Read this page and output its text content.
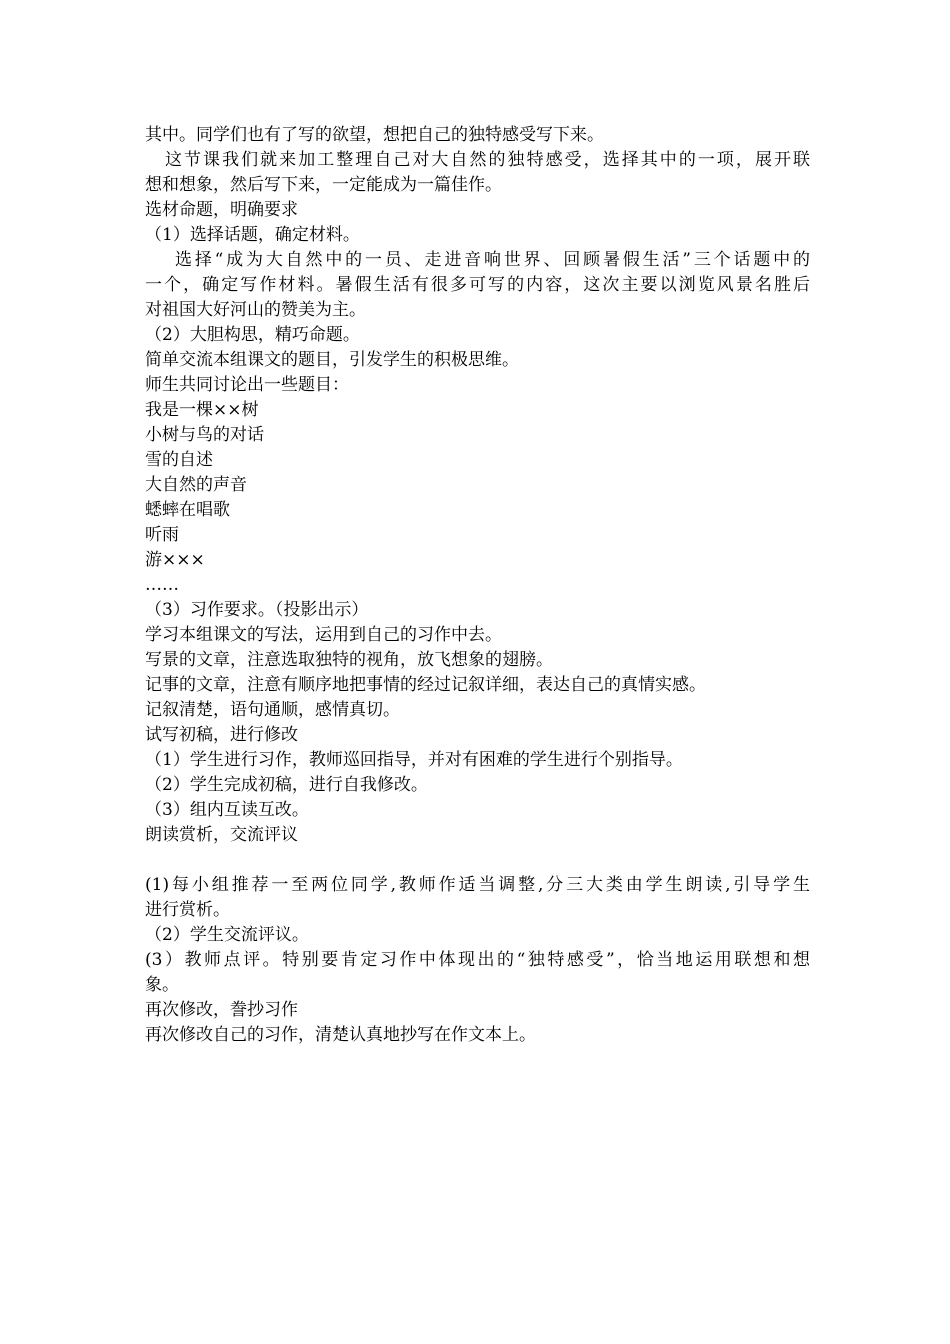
其中。同学们也有了写的欲望，想把自己的独特感受写下来。
这节课我们就来加工整理自己对大自然的独特感受，选择其中的一项，展开联
想和想象，然后写下来，一定能成为一篇佳作。
选材命题，明确要求
（1）选择话题，确定材料。
选择“成为大自然中的一员、走进音响世界、回顾暑假生活”三个话题中的
一个，确定写作材料。暑假生活有很多可写的内容，这次主要以浏览风景名胜后
对祖国大好河山的赞美为主。
（2）大胆构思，精巧命题。
简单交流本组课文的题目，引发学生的积极思维。
师生共同讨论出一些题目：
我是一棵××树
小树与鸟的对话
雪的自述
大自然的声音
蟋蟀在唱歌
听雨
游×××
……
（3）习作要求。（投影出示）
学习本组课文的写法，运用到自己的习作中去。
写景的文章，注意选取独特的视角，放飞想象的翅膀。
记事的文章，注意有顺序地把事情的经过记叙详细，表达自己的真情实感。
记叙清楚，语句通顺，感情真切。
试写初稿，进行修改
（1）学生进行习作，教师巡回指导，并对有困难的学生进行个别指导。
（2）学生完成初稿，进行自我修改。
（3）组内互读互改。
朗读赏析，交流评议
(1)每小组推荐一至两位同学,教师作适当调整,分三大类由学生朗读,引导学生
进行赏析。
（2）学生交流评议。
(3）教师点评。特别要肯定习作中体现出的“独特感受”，恰当地运用联想和想
象。
再次修改，誊抄习作
再次修改自己的习作，清楚认真地抄写在作文本上。
